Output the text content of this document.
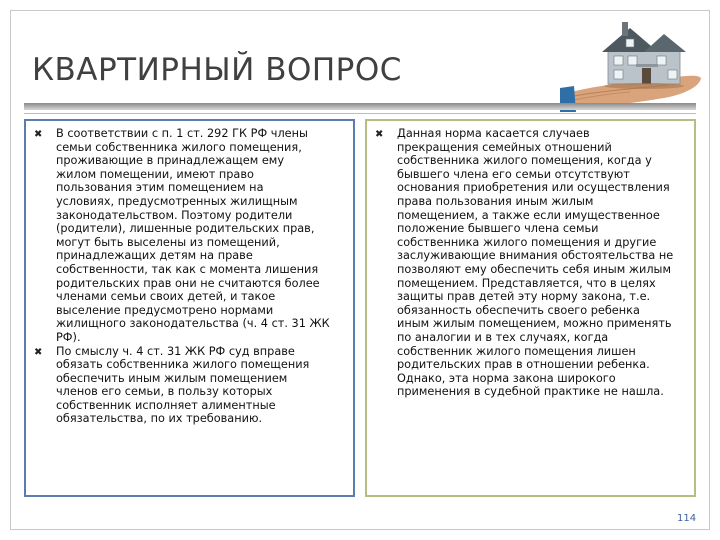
КВАРТИРНЫЙ ВОПРОС
✖	В соответствии с п. 1 ст. 292 ГК РФ члены
семьи собственника жилого помещения,
проживающие в принадлежащем ему
жилом помещении, имеют право
пользования этим помещением на
условиях, предусмотренных жилищным
законодательством. Поэтому родители
(родители), лишенные родительских прав,
могут быть выселены из помещений,
принадлежащих детям на праве
собственности, так как с момента лишения
родительских прав они не считаются более
членами семьи своих детей, и такое
выселение предусмотрено нормами
жилищного законодательства (ч. 4 ст. 31 ЖК
РФ).

✖	По смыслу ч. 4 ст. 31 ЖК РФ суд вправе
обязать собственника жилого помещения
обеспечить иным жилым помещением
членов его семьи, в пользу которых
собственник исполняет алиментные
обязательства, по их требованию.

✖	Данная норма касается случаев
прекращения семейных отношений
собственника жилого помещения, когда у
бывшего члена его семьи отсутствуют
основания приобретения или осуществления
права пользования иным жилым
помещением, а также если имущественное
положение бывшего члена семьи
собственника жилого помещения и другие
заслуживающие внимания обстоятельства не
позволяют ему обеспечить себя иным жилым
помещением. Представляется, что в целях
защиты прав детей эту норму закона, т.е.
обязанность обеспечить своего ребенка
иным жилым помещением, можно применять
по аналогии и в тех случаях, когда
собственник жилого помещения лишен
родительских прав в отношении ребенка.
Однако, эта норма закона широкого
применения в судебной практике не нашла.

114
